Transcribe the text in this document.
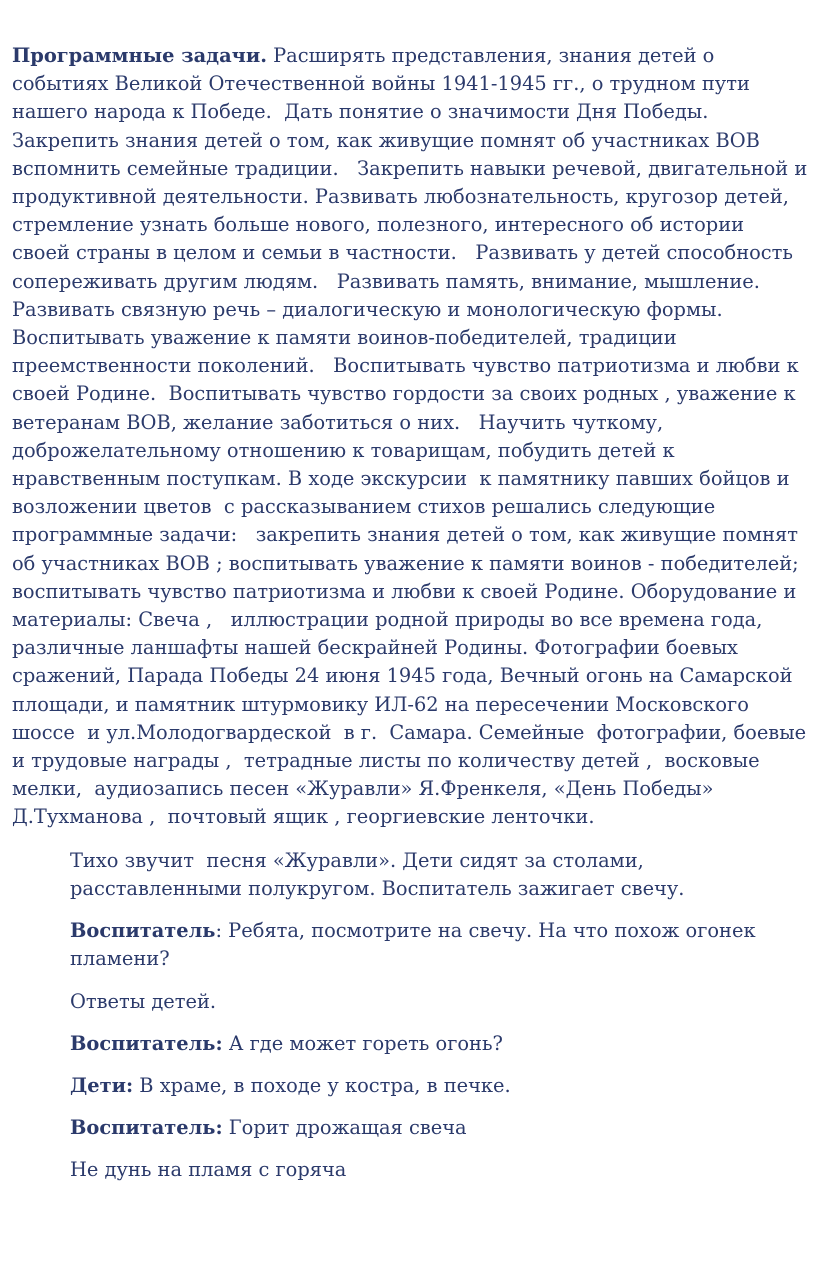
Программные задачи. Расширять представления, знания детей о событиях Великой Отечественной войны 1941-1945 гг., о трудном пути нашего народа к Победе.  Дать понятие о значимости Дня Победы. Закрепить знания детей о том, как живущие помнят об участниках ВОВ вспомнить семейные традиции.   Закрепить навыки речевой, двигательной и продуктивной деятельности. Развивать любознательность, кругозор детей, стремление узнать больше нового, полезного, интересного об истории своей страны в целом и семьи в частности.   Развивать у детей способность сопереживать другим людям.   Развивать память, внимание, мышление.   Развивать связную речь – диалогическую и монологическую формы.   Воспитывать уважение к памяти воинов-победителей, традиции преемственности поколений.   Воспитывать чувство патриотизма и любви к своей Родине.  Воспитывать чувство гордости за своих родных , уважение к ветеранам ВОВ, желание заботиться о них.   Научить чуткому, доброжелательному отношению к товарищам, побудить детей к нравственным поступкам. В ходе экскурсии  к памятнику павших бойцов и возложении цветов  с рассказыванием стихов решались следующие программные задачи:   закрепить знания детей о том, как живущие помнят об участниках ВОВ ; воспитывать уважение к памяти воинов - победителей; воспитывать чувство патриотизма и любви к своей Родине. Оборудование и материалы: Свеча ,   иллюстрации родной природы во все времена года, различные ланшафты нашей бескрайней Родины. Фотографии боевых сражений, Парада Победы 24 июня 1945 года, Вечный огонь на Самарской площади, и памятник штурмовику ИЛ-62 на пересечении Московского шоссе  и ул.Молодогвардеской  в г.  Самара. Семейные  фотографии, боевые и трудовые награды ,  тетрадные листы по количеству детей ,  восковые мелки,  аудиозапись песен «Журавли» Я.Френкеля, «День Победы» Д.Тухманова ,  почтовый ящик , георгиевские ленточки.

Тихо звучит  песня «Журавли». Дети сидят за столами, расставленными полукругом. Воспитатель зажигает свечу.

Воспитатель: Ребята, посмотрите на свечу. На что похож огонек пламени?

Ответы детей.

Воспитатель: А где может гореть огонь?

Дети: В храме, в походе у костра, в печке.

Воспитатель: Горит дрожащая свеча

Не дунь на пламя с горяча
